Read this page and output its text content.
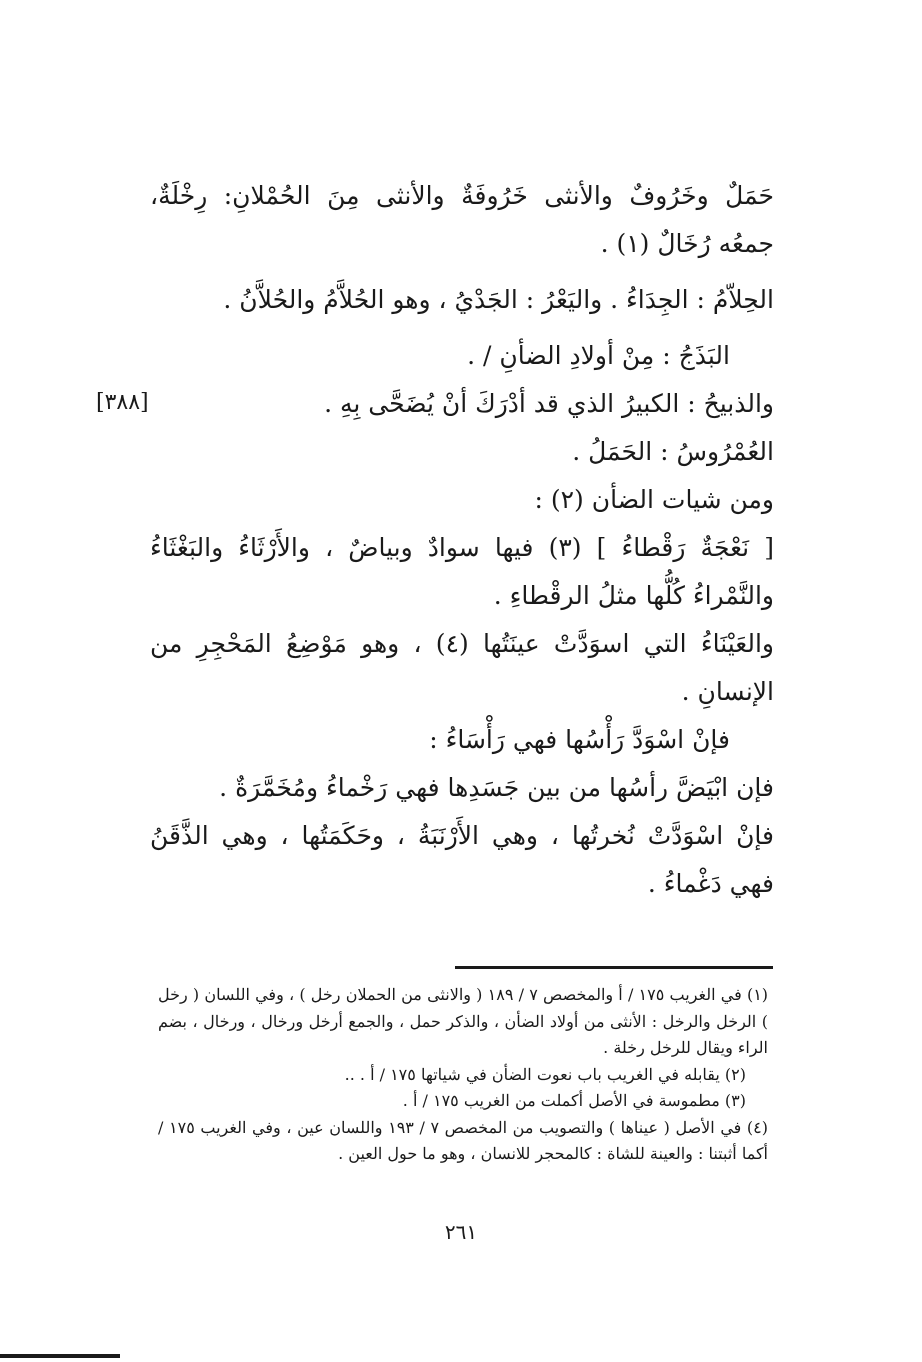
[٣٨٨]

حَمَلٌ وخَرُوفٌ والأنثى خَرُوفَةٌ والأنثى مِنَ الحُمْلانِ: رِخْلَةٌ، جمعُه رُخَالٌ (١) .

الحِلاّمُ : الجِدَاءُ . واليَعْرُ : الجَدْيُ ، وهو الحُلاَّمُ والحُلاَّنُ .

البَذَجُ : مِنْ أولادِ الضأنِ / .

والذبيحُ : الكبيرُ الذي قد أدْرَكَ أنْ يُضَحَّى بِهِ .

العُمْرُوسُ : الحَمَلُ .

ومن شيات الضأن (٢) :

[ نَعْجَةٌ رَقْطاءُ ] (٣) فيها سوادٌ وبياضٌ ، والأَرْثَاءُ والبَغْثَاءُ والنَّمْراءُ كُلُّها مثلُ الرقْطاءِ .

والعَيْنَاءُ التي اسوَدَّتْ عينَتُها (٤) ، وهو مَوْضِعُ المَحْجِرِ من الإنسانِ .

فإنْ اسْوَدَّ رَأْسُها فهي رَأْسَاءُ :

فإن ابْيَضَّ رأسُها من بين جَسَدِها فهي رَخْماءُ ومُخَمَّرَةٌ .

فإنْ اسْوَدَّتْ نُخرتُها ، وهي الأَرْنَبَةُ ، وحَكَمَتُها ، وهي الذَّقَنُ فهي دَغْماءُ .

(١) في الغريب ١٧٥ / أ والمخصص ٧ / ١٨٩ ( والانثى من الحملان رخل ) ، وفي اللسان ( رخل ) الرخل والرخل : الأنثى من أولاد الضأن ، والذكر حمل ، والجمع أرخل ورخال ، ورخال ، بضم الراء ويقال للرخل رخلة .

(٢) يقابله في الغريب باب نعوت الضأن في شياتها ١٧٥ / أ . ..

(٣) مطموسة في الأصل أكملت من الغريب ١٧٥ / أ .

(٤) في الأصل ( عيناها ) والتصويب من المخصص ٧ / ١٩٣ واللسان عين ، وفي الغريب ١٧٥ / أكما أثبتنا : والعينة للشاة : كالمحجر للانسان ، وهو ما حول العين .

٢٦١
